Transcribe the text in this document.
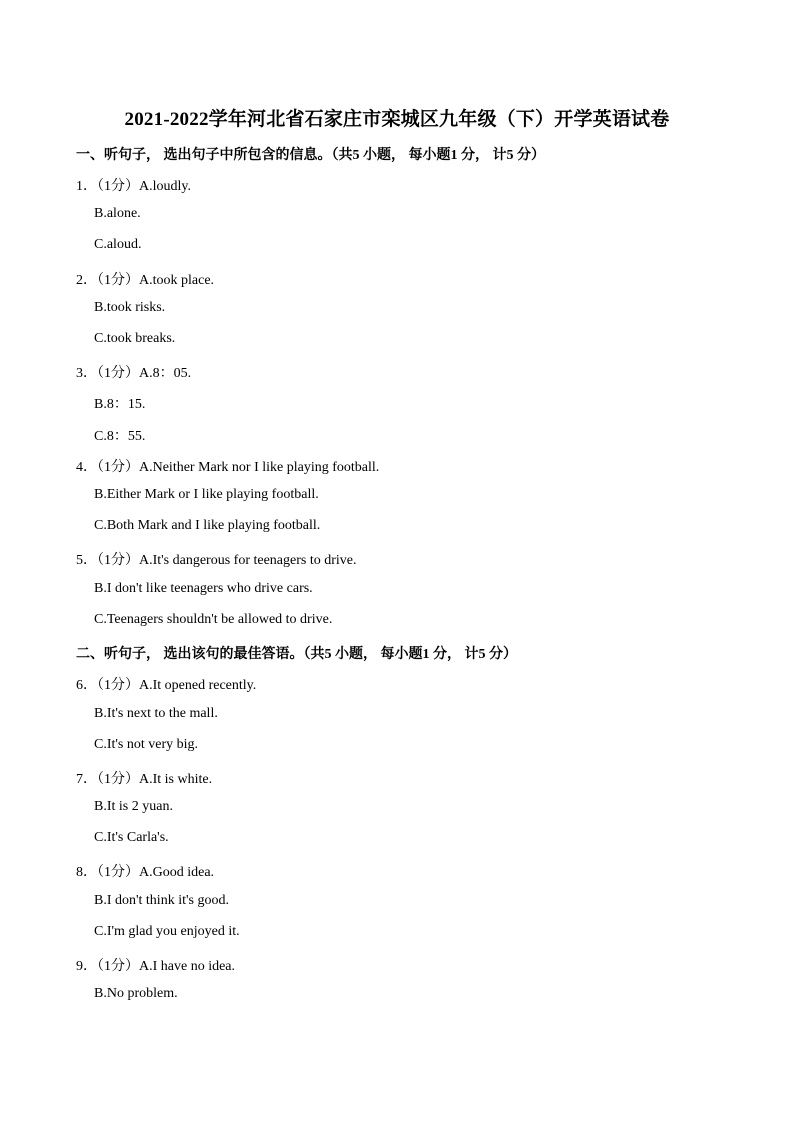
2021-2022学年河北省石家庄市栾城区九年级（下）开学英语试卷
一、听句子， 选出句子中所包含的信息。（共5 小题， 每小题1 分， 计5 分）
1．（1分）A.loudly.
B.alone.
C.aloud.
2．（1分）A.took place.
B.took risks.
C.took breaks.
3．（1分）A.8：05.
B.8：15.
C.8：55.
4．（1分）A.Neither Mark nor I like playing football.
B.Either Mark or I like playing football.
C.Both Mark and I like playing football.
5．（1分）A.It's dangerous for teenagers to drive.
B.I don't like teenagers who drive cars.
C.Teenagers shouldn't be allowed to drive.
二、听句子， 选出该句的最佳答语。（共5 小题， 每小题1 分， 计5 分）
6．（1分）A.It opened recently.
B.It's next to the mall.
C.It's not very big.
7．（1分）A.It is white.
B.It is 2 yuan.
C.It's Carla's.
8．（1分）A.Good idea.
B.I don't think it's good.
C.I'm glad you enjoyed it.
9．（1分）A.I have no idea.
B.No problem.
